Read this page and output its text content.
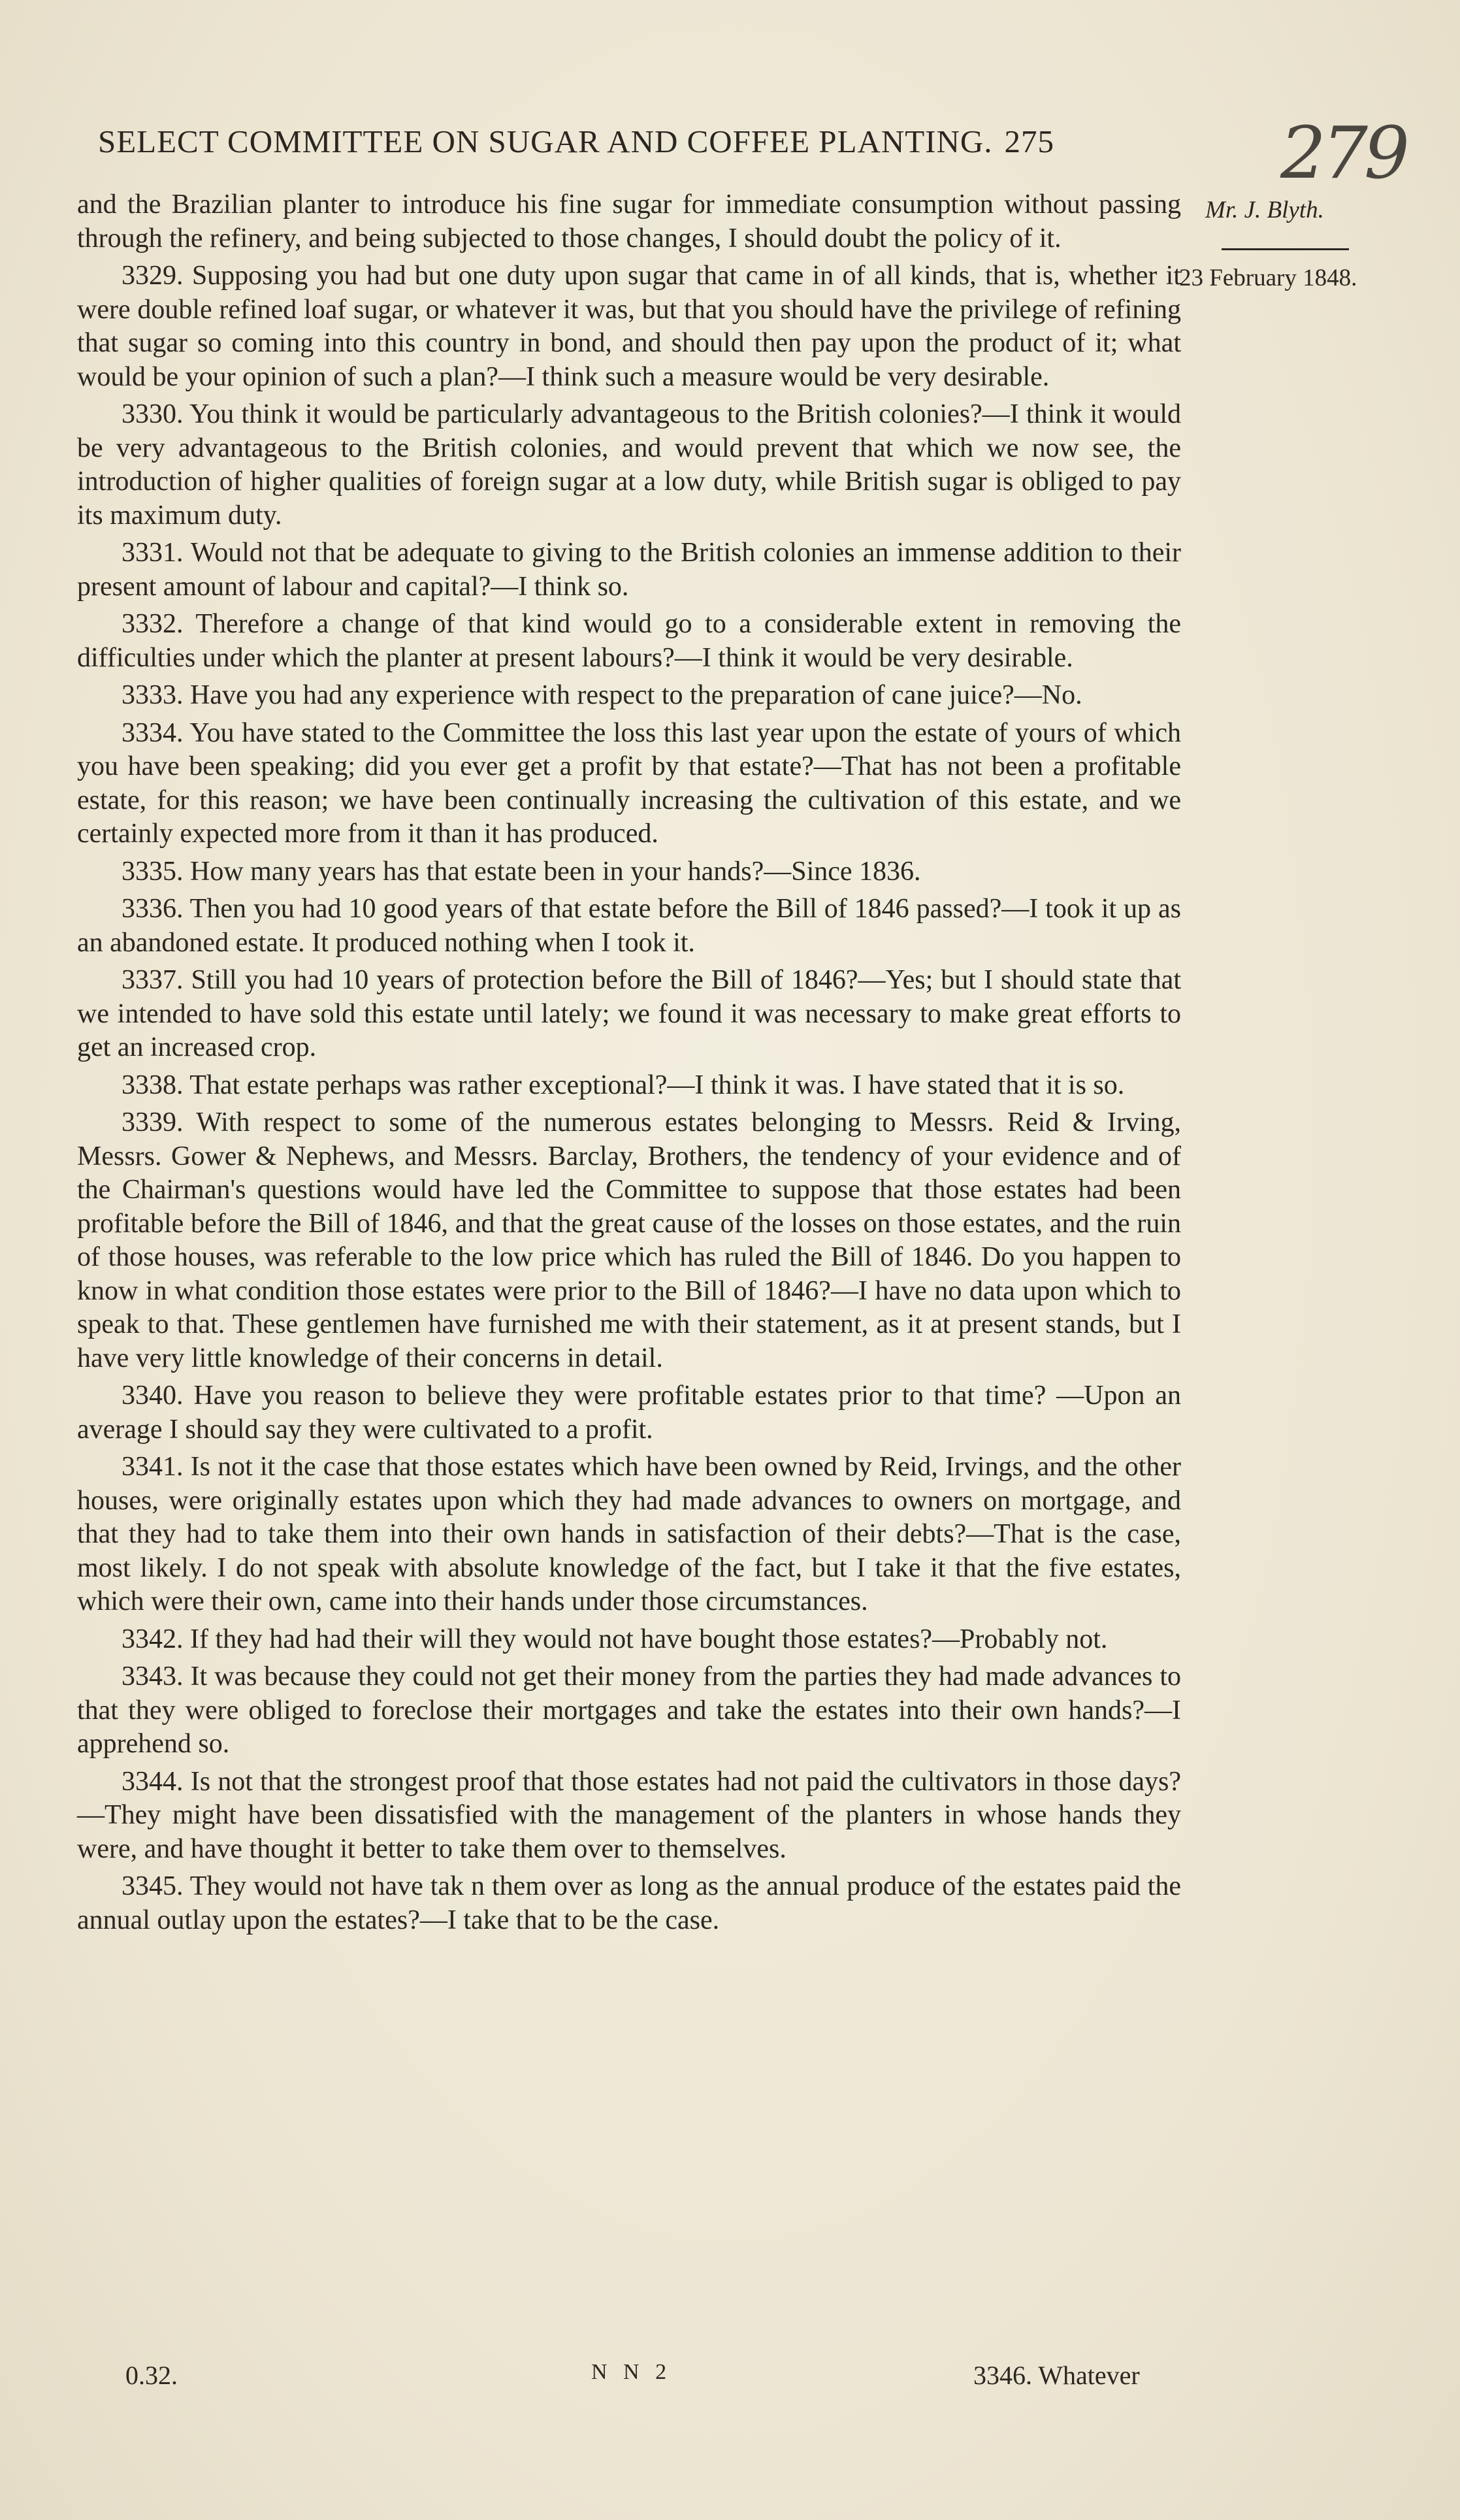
SELECT COMMITTEE ON SUGAR AND COFFEE PLANTING. 275	279
Mr. J. Blyth.
23 February 1848.

and the Brazilian planter to introduce his fine sugar for immediate consumption without passing through the refinery, and being subjected to those changes, I should doubt the policy of it.

3329. Supposing you had but one duty upon sugar that came in of all kinds, that is, whether it were double refined loaf sugar, or whatever it was, but that you should have the privilege of refining that sugar so coming into this country in bond, and should then pay upon the product of it; what would be your opinion of such a plan?—I think such a measure would be very desirable.

3330. You think it would be particularly advantageous to the British colonies?—I think it would be very advantageous to the British colonies, and would prevent that which we now see, the introduction of higher qualities of foreign sugar at a low duty, while British sugar is obliged to pay its maximum duty.

3331. Would not that be adequate to giving to the British colonies an immense addition to their present amount of labour and capital?—I think so.

3332. Therefore a change of that kind would go to a considerable extent in removing the difficulties under which the planter at present labours?—I think it would be very desirable.

3333. Have you had any experience with respect to the preparation of cane juice?—No.

3334. You have stated to the Committee the loss this last year upon the estate of yours of which you have been speaking; did you ever get a profit by that estate?—That has not been a profitable estate, for this reason; we have been continually increasing the cultivation of this estate, and we certainly expected more from it than it has produced.

3335. How many years has that estate been in your hands?—Since 1836.

3336. Then you had 10 good years of that estate before the Bill of 1846 passed?—I took it up as an abandoned estate. It produced nothing when I took it.

3337. Still you had 10 years of protection before the Bill of 1846?—Yes; but I should state that we intended to have sold this estate until lately; we found it was necessary to make great efforts to get an increased crop.

3338. That estate perhaps was rather exceptional?—I think it was. I have stated that it is so.

3339. With respect to some of the numerous estates belonging to Messrs. Reid & Irving, Messrs. Gower & Nephews, and Messrs. Barclay, Brothers, the tendency of your evidence and of the Chairman's questions would have led the Committee to suppose that those estates had been profitable before the Bill of 1846, and that the great cause of the losses on those estates, and the ruin of those houses, was referable to the low price which has ruled the Bill of 1846. Do you happen to know in what condition those estates were prior to the Bill of 1846?—I have no data upon which to speak to that. These gentlemen have furnished me with their statement, as it at present stands, but I have very little knowledge of their concerns in detail.

3340. Have you reason to believe they were profitable estates prior to that time? —Upon an average I should say they were cultivated to a profit.

3341. Is not it the case that those estates which have been owned by Reid, Irvings, and the other houses, were originally estates upon which they had made advances to owners on mortgage, and that they had to take them into their own hands in satisfaction of their debts?—That is the case, most likely. I do not speak with absolute knowledge of the fact, but I take it that the five estates, which were their own, came into their hands under those circumstances.

3342. If they had had their will they would not have bought those estates?—Probably not.

3343. It was because they could not get their money from the parties they had made advances to that they were obliged to foreclose their mortgages and take the estates into their own hands?—I apprehend so.

3344. Is not that the strongest proof that those estates had not paid the cultivators in those days?—They might have been dissatisfied with the management of the planters in whose hands they were, and have thought it better to take them over to themselves.

3345. They would not have tak n them over as long as the annual produce of the estates paid the annual outlay upon the estates?—I take that to be the case.

0.32.	N N 2	3346. Whatever
